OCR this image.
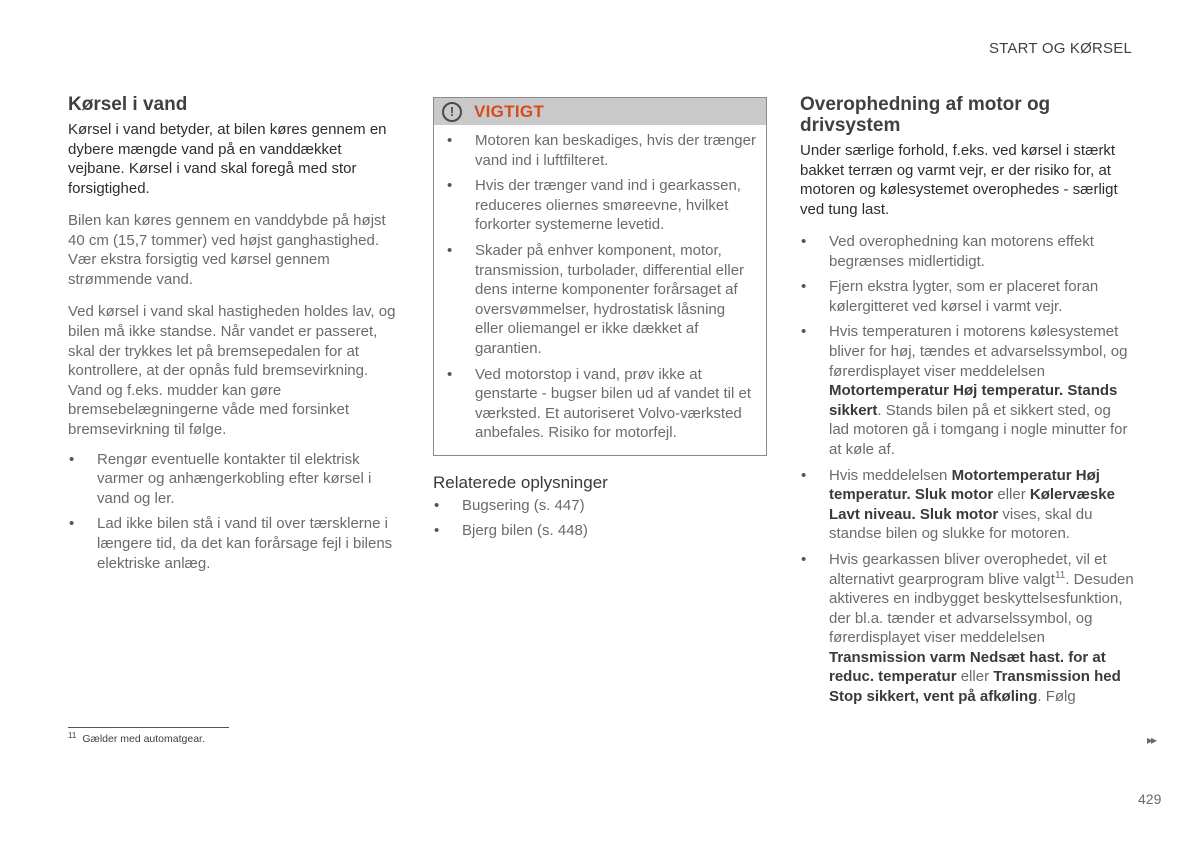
START OG KØRSEL
Kørsel i vand
Kørsel i vand betyder, at bilen køres gennem en dybere mængde vand på en vanddækket vejbane. Kørsel i vand skal foregå med stor forsigtighed.

Bilen kan køres gennem en vanddybde på højst 40 cm (15,7 tommer) ved højst ganghastighed. Vær ekstra forsigtig ved kørsel gennem strømmende vand.

Ved kørsel i vand skal hastigheden holdes lav, og bilen må ikke standse. Når vandet er passeret, skal der trykkes let på bremsepedalen for at kontrollere, at der opnås fuld bremsevirkning. Vand og f.eks. mudder kan gøre bremsebelægningerne våde med forsinket bremsevirkning til følge.

• Rengør eventuelle kontakter til elektrisk varmer og anhængerkobling efter kørsel i vand og ler.
• Lad ikke bilen stå i vand til over tærsklerne i længere tid, da det kan forårsage fejl i bilens elektriske anlæg.
!	VIGTIGT
• Motoren kan beskadiges, hvis der trænger vand ind i luftfilteret.
• Hvis der trænger vand ind i gearkassen, reduceres oliernes smøreevne, hvilket forkorter systemerne levetid.
• Skader på enhver komponent, motor, transmission, turbolader, differential eller dens interne komponenter forårsaget af oversvømmelser, hydrostatisk låsning eller oliemangel er ikke dækket af garantien.
• Ved motorstop i vand, prøv ikke at genstarte - bugser bilen ud af vandet til et værksted. Et autoriseret Volvo-værksted anbefales. Risiko for motorfejl.
Relaterede oplysninger
• Bugsering (s. 447)
• Bjerg bilen (s. 448)
Overophedning af motor og drivsystem
Under særlige forhold, f.eks. ved kørsel i stærkt bakket terræn og varmt vejr, er der risiko for, at motoren og kølesystemet overophedes - særligt ved tung last.
• Ved overophedning kan motorens effekt begrænses midlertidigt.
• Fjern ekstra lygter, som er placeret foran kølergitteret ved kørsel i varmt vejr.
• Hvis temperaturen i motorens kølesystemet bliver for høj, tændes et advarselssymbol, og førerdisplayet viser meddelelsen Motortemperatur Høj temperatur. Stands sikkert. Stands bilen på et sikkert sted, og lad motoren gå i tomgang i nogle minutter for at køle af.
• Hvis meddelelsen Motortemperatur Høj temperatur. Sluk motor eller Kølervæske Lavt niveau. Sluk motor vises, skal du standse bilen og slukke for motoren.
• Hvis gearkassen bliver overophedet, vil et alternativt gearprogram blive valgt$^{11}$. Desuden aktiveres en indbygget beskyttelsesfunktion, der bl.a. tænder et advarselssymbol, og førerdisplayet viser meddelelsen Transmission varm Nedsæt hast. for at reduc. temperatur eller Transmission hed Stop sikkert, vent på afkøling. Følg
$^{11}$ Gælder med automatgear.	▸▸
429
